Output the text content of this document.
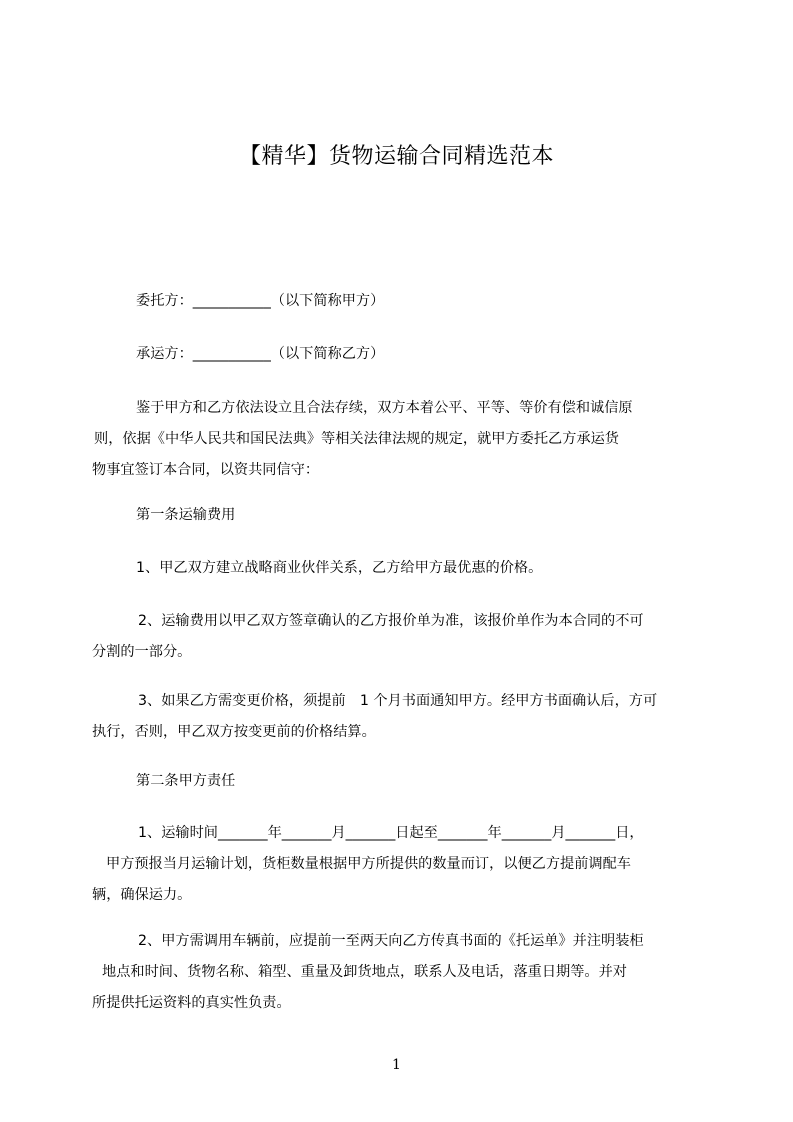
【精华】货物运输合同精选范本
委托方：___________（以下简称甲方）
承运方：___________（以下简称乙方）
鉴于甲方和乙方依法设立且合法存续，双方本着公平、平等、等价有偿和诚信原
则，依据《中华人民共和国民法典》等相关法律法规的规定，就甲方委托乙方承运货
物事宜签订本合同，以资共同信守：
第一条运输费用
1、甲乙双方建立战略商业伙伴关系，乙方给甲方最优惠的价格。
2、运输费用以甲乙双方签章确认的乙方报价单为准，该报价单作为本合同的不可
分割的一部分。
3、如果乙方需变更价格，须提前　1 个月书面通知甲方。经甲方书面确认后，方可
执行，否则，甲乙双方按变更前的价格结算。
第二条甲方责任
1、运输时间_______年_______月_______日起至_______年_______月_______日，
甲方预报当月运输计划，货柜数量根据甲方所提供的数量而订，以便乙方提前调配车
辆，确保运力。
2、甲方需调用车辆前，应提前一至两天向乙方传真书面的《托运单》并注明装柜
地点和时间、货物名称、箱型、重量及卸货地点，联系人及电话，落重日期等。并对
所提供托运资料的真实性负责。
1
